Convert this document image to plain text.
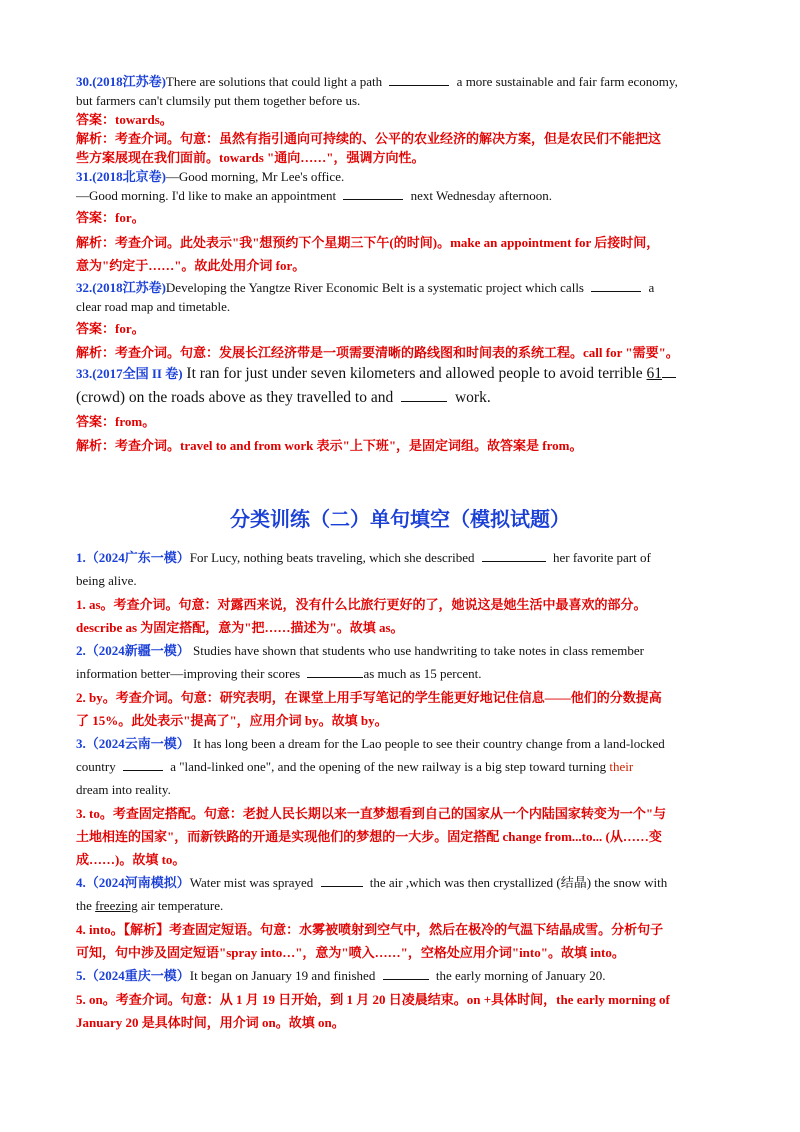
30.(2018江苏卷)There are solutions that could light a path	a more sustainable and fair farm economy,

but farmers can't clumsily put them together before us.

答案：towards。

解析：考查介词。句意：虽然有指引通向可持续的、公平的农业经济的解决方案，但是农民们不能把这

些方案展现在我们面前。towards "通向……"，强调方向性。

31.(2018北京卷)—Good morning, Mr Lee's office.

—Good morning. I'd like to make an appointment	next Wednesday afternoon.

答案：for。

解析：考查介词。此处表示"我"想预约下个星期三下午(的时间)。make an appointment for 后接时间，

意为"约定于……"。故此处用介词 for。

32.(2018江苏卷)Developing the Yangtze River Economic Belt is a systematic project which calls	a

clear road map and timetable.

答案：for。

解析：考查介词。句意：发展长江经济带是一项需要清晰的路线图和时间表的系统工程。call for "需要"。

33.(2017全国 II 卷) It ran for just under seven kilometers and allowed people to avoid terrible 61

(crowd) on the roads above as they travelled to and	work.

答案：from。

解析：考查介词。travel to and from work 表示"上下班"，是固定词组。故答案是 from。

分类训练（二）单句填空（模拟试题）

1.（2024广东一模）For Lucy, nothing beats traveling, which she described	her favorite part of

being alive.

1. as。考查介词。句意：对露西来说，没有什么比旅行更好的了，她说这是她生活中最喜欢的部分。

describe as 为固定搭配，意为"把……描述为"。故填 as。

2.（2024新疆一模） Studies have shown that students who use handwriting to take notes in class remember

information better—improving their scores	as much as 15 percent.

2. by。考查介词。句意：研究表明，在课堂上用手写笔记的学生能更好地记住信息——他们的分数提高

了 15%。此处表示"提高了"，应用介词 by。故填 by。

3.（2024云南一模） It has long been a dream for the Lao people to see their country change from a land-locked

country	a "land-linked one", and the opening of the new railway is a big step toward turning their

dream into reality.

3. to。考查固定搭配。句意：老挝人民长期以来一直梦想看到自己的国家从一个内陆国家转变为一个"与

土地相连的国家"，而新铁路的开通是实现他们的梦想的一大步。固定搭配 change from...to... (从……变

成……)。故填 to。

4.（2024河南模拟）Water mist was sprayed	the air ,which was then crystallized (结晶) the snow with

the freezing air temperature.

4. into。【解析】考查固定短语。句意：水雾被喷射到空气中，然后在极冷的气温下结晶成雪。分析句子

可知，句中涉及固定短语"spray into…"，意为"喷入……"，空格处应用介词"into"。故填 into。

5.（2024重庆一模）It began on January 19 and finished	the early morning of January 20.

5. on。考查介词。句意：从 1 月 19 日开始，到 1 月 20 日凌晨结束。on +具体时间，the early morning of

January 20 是具体时间，用介词 on。故填 on。
